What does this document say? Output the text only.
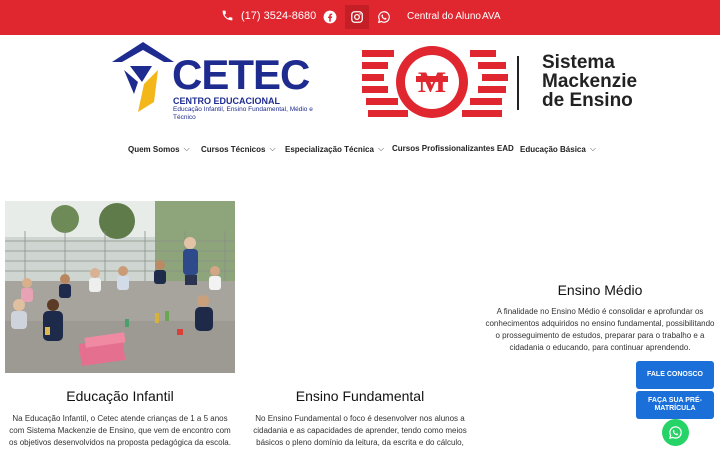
(17) 3524-8680	Central do Aluno AVA
CETEC
CENTRO EDUCACIONAL
Educação Infantil, Ensino Fundamental, Médio e Técnico
M
Sistema
Mackenzie
de Ensino
Quem Somos ⌵ Cursos Técnicos ⌵ Especialização Técnica ⌵ Cursos Profissionalizantes EAD Educação Básica ⌵
Educação Infantil
Na Educação Infantil, o Cetec atende crianças de 1 a 5 anos com Sistema Mackenzie de Ensino, que vem de encontro com os objetivos desenvolvidos na proposta pedagógica da escola.
Ensino Fundamental
No Ensino Fundamental o foco é desenvolver nos alunos a cidadania e as capacidades de aprender, tendo como meios básicos o pleno domínio da leitura, da escrita e do cálculo,
Ensino Médio
A finalidade no Ensino Médio é consolidar e aprofundar os conhecimentos adquiridos no ensino fundamental, possibilitando o prosseguimento de estudos, preparar para o trabalho e a cidadania o educando, para continuar aprendendo.
FALE CONOSCO
FAÇA SUA PRÉ-MATRÍCULA
